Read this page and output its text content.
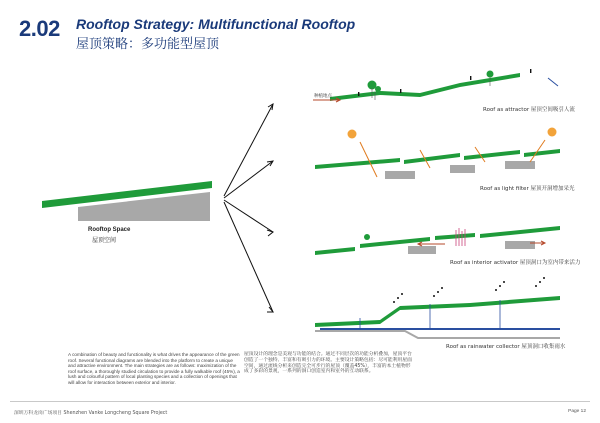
2.02 Rooftop Strategy: Multifunctional Rooftop
屋顶策略：多功能型屋顶
种植地点
Roof as attractor 屋顶空间吸引人流
Roof as light filter 屋顶开洞增加采光
Roof as interior activator 屋顶洞口为室内带来活力
Roof as rainwater collector 屋顶洞口收集雨水
Rooftop Space
屋顶空间
A combination of beauty and functionality is what drives the appearance of the green roof. Several functional diagrams are blended into the platform to create a unique and attractive environment. The main strategies are as follows: maximization of the roof surface, a thoroughly studied circulation to provide a fully walkable roof (45%), a lush and colourful pattern of local planting species and a collection of openings that will allow for interaction between exterior and interior.
屋顶设计的理念是美观与功能的结合。通过不同层次的功能分析叠加，屋顶平台创造了一个独特、丰富和有吸引力的环境。主要设计策略包括：尽可能利用屋面空间，通过流线分析来创造完全可步行的屋顶（覆盖45%），丰富的本土植物形成了多彩的景观，一系列的洞口创造室内和室外的互动联系。
深圳万科龙岗广场项目 Shenzhen Vanke Longcheng Square Project	Page 12
